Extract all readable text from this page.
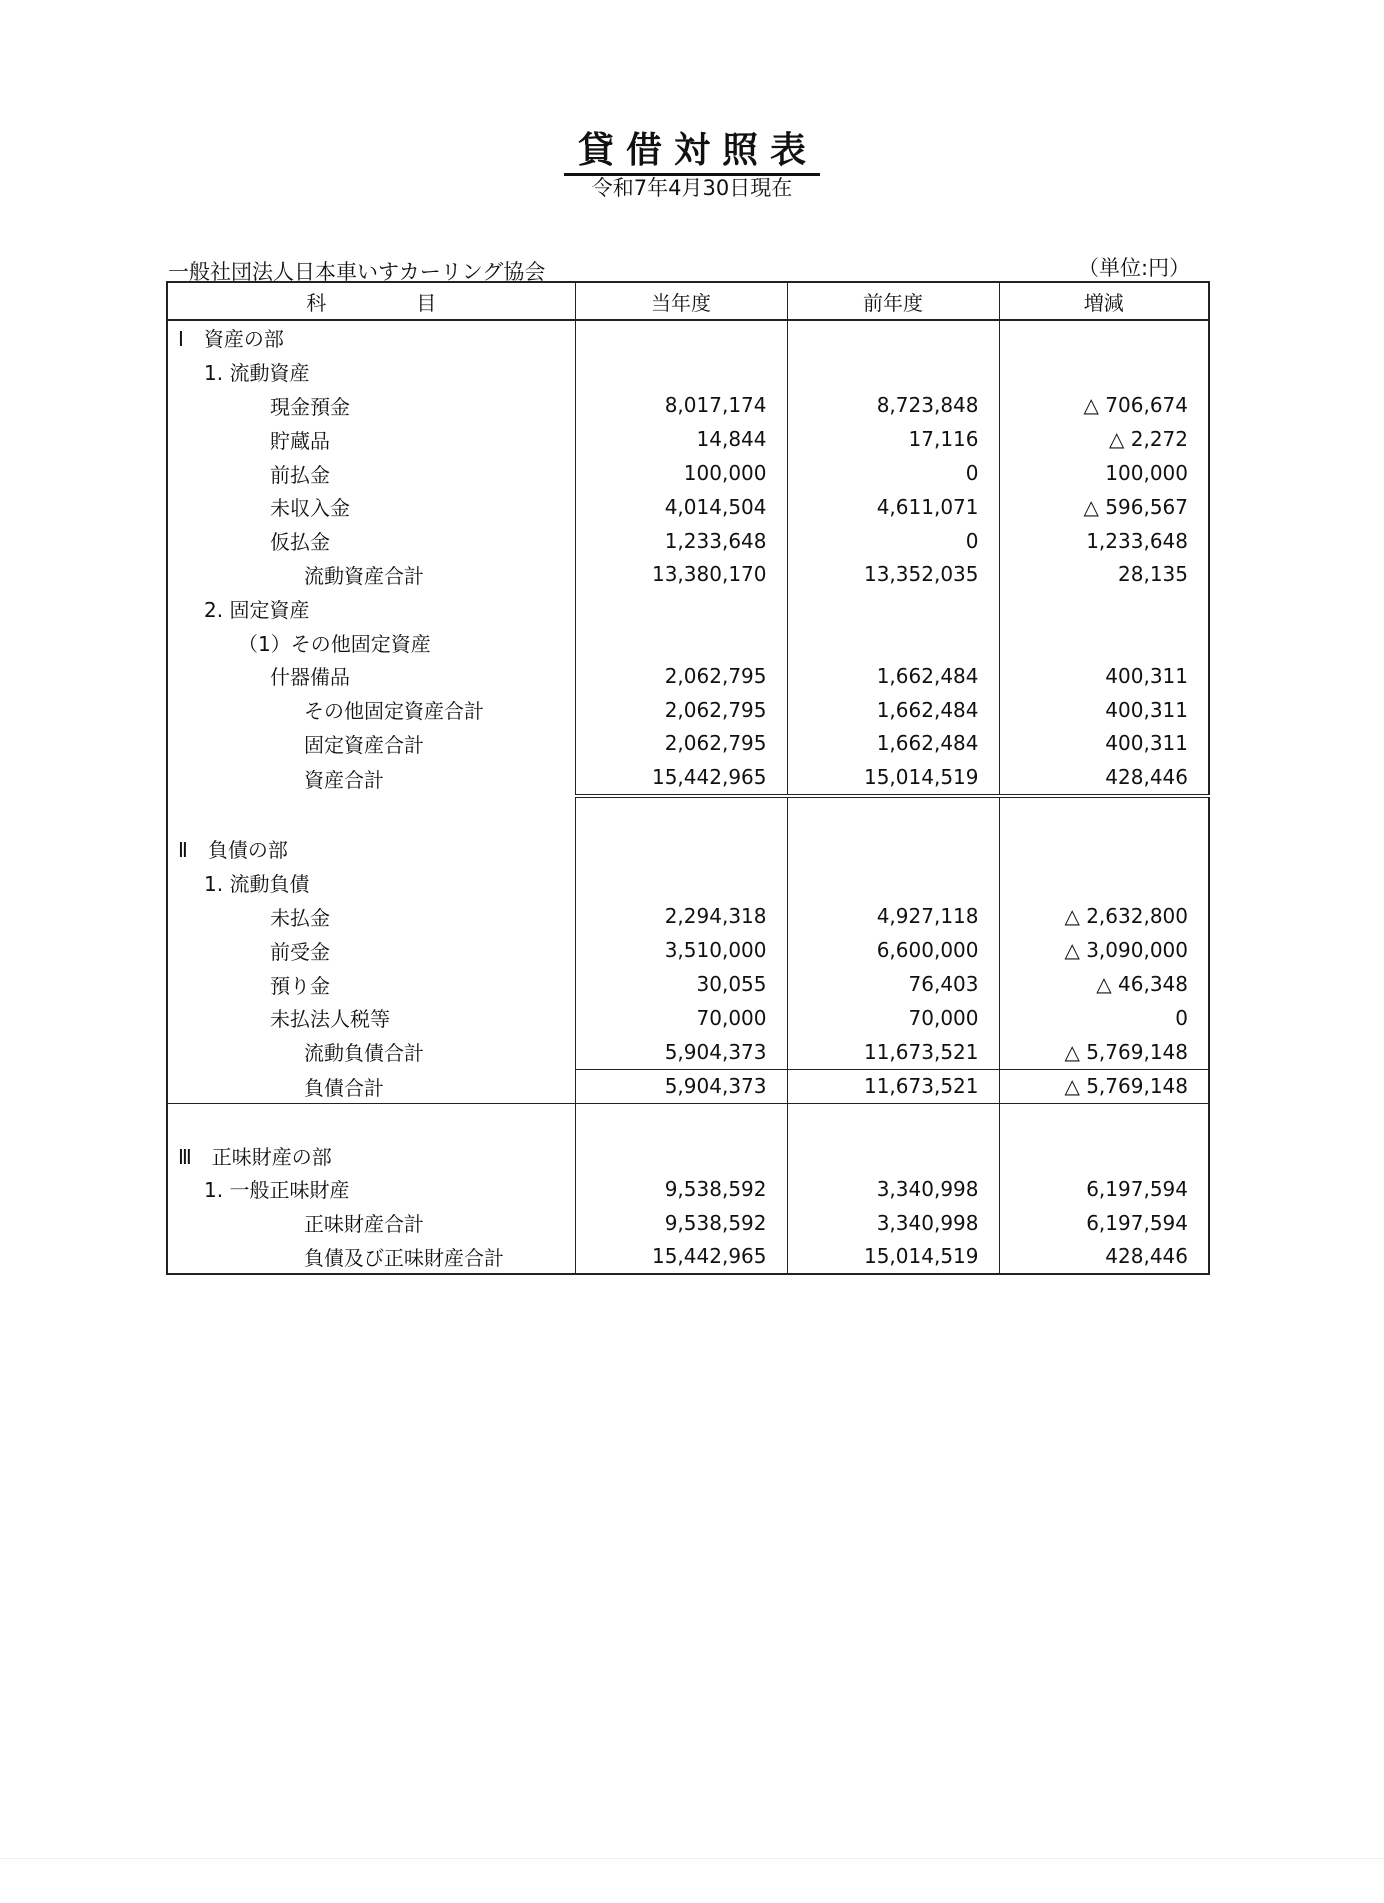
貸借対照表
令和7年4月30日現在
一般社団法人日本車いすカーリング協会	（単位:円）
科　　目	当年度	前年度	増減
Ⅰ　資産の部			
1. 流動資産			
現金預金	8,017,174	8,723,848	△ 706,674
貯蔵品	14,844	17,116	△ 2,272
前払金	100,000	0	100,000
未収入金	4,014,504	4,611,071	△ 596,567
仮払金	1,233,648	0	1,233,648
流動資産合計	13,380,170	13,352,035	28,135
2. 固定資産			
（1）その他固定資産			
什器備品	2,062,795	1,662,484	400,311
その他固定資産合計	2,062,795	1,662,484	400,311
固定資産合計	2,062,795	1,662,484	400,311
資産合計	15,442,965	15,014,519	428,446

Ⅱ　負債の部			
1. 流動負債			
未払金	2,294,318	4,927,118	△ 2,632,800
前受金	3,510,000	6,600,000	△ 3,090,000
預り金	30,055	76,403	△ 46,348
未払法人税等	70,000	70,000	0
流動負債合計	5,904,373	11,673,521	△ 5,769,148
負債合計	5,904,373	11,673,521	△ 5,769,148

Ⅲ　正味財産の部			
1. 一般正味財産	9,538,592	3,340,998	6,197,594
正味財産合計	9,538,592	3,340,998	6,197,594
負債及び正味財産合計	15,442,965	15,014,519	428,446
